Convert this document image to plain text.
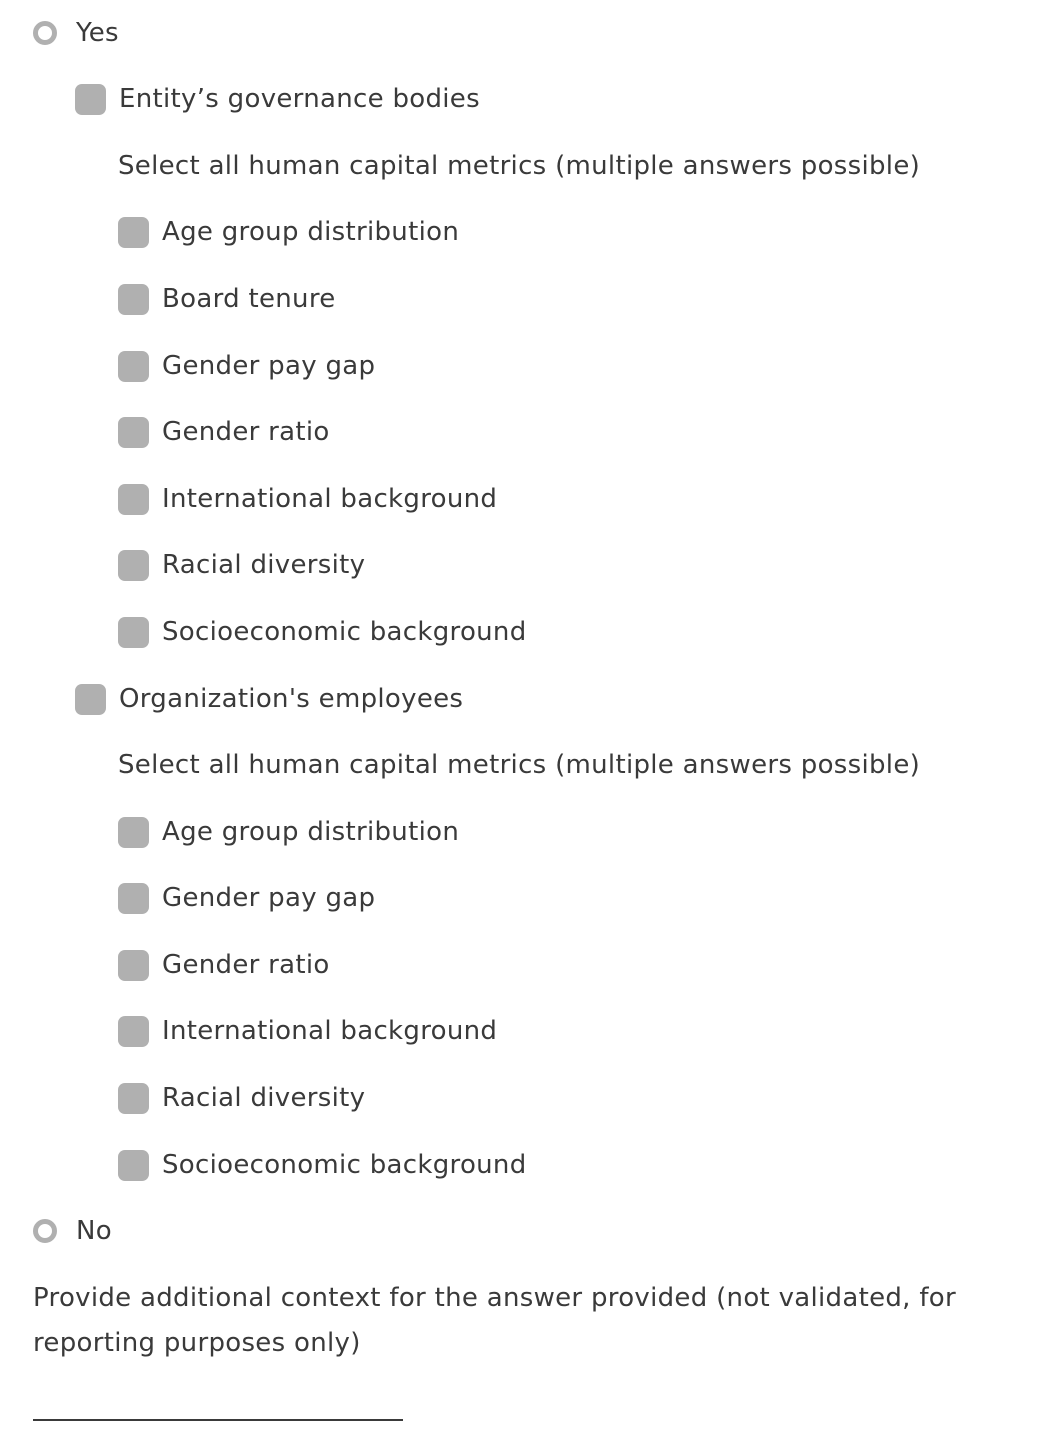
Yes
Entity’s governance bodies
Select all human capital metrics (multiple answers possible)
Age group distribution
Board tenure
Gender pay gap
Gender ratio
International background
Racial diversity
Socioeconomic background
Organization's employees
Select all human capital metrics (multiple answers possible)
Age group distribution
Gender pay gap
Gender ratio
International background
Racial diversity
Socioeconomic background
No
Provide additional context for the answer provided (not validated, for reporting purposes only)
